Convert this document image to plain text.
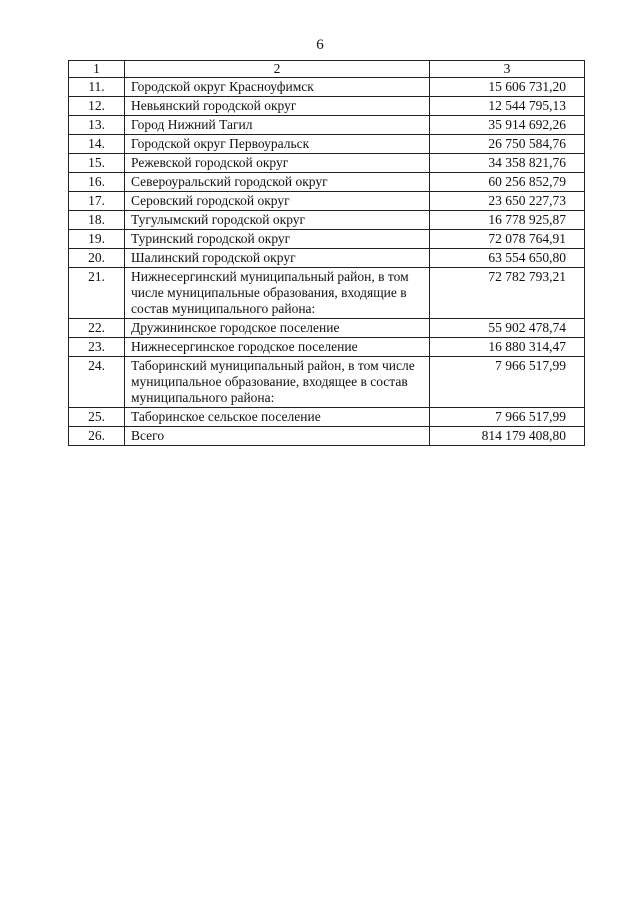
6
1	2	3
11.	Городской округ Красноуфимск	15 606 731,20
12.	Невьянский городской округ	12 544 795,13
13.	Город Нижний Тагил	35 914 692,26
14.	Городской округ Первоуральск	26 750 584,76
15.	Режевской городской округ	34 358 821,76
16.	Североуральский городской округ	60 256 852,79
17.	Серовский городской округ	23 650 227,73
18.	Тугулымский городской округ	16 778 925,87
19.	Туринский городской округ	72 078 764,91
20.	Шалинский городской округ	63 554 650,80
21.	Нижнесергинский муниципальный район, в том числе муниципальные образования, входящие в состав муниципального района:	72 782 793,21
22.	Дружининское городское поселение	55 902 478,74
23.	Нижнесергинское городское поселение	16 880 314,47
24.	Таборинский муниципальный район, в том числе муниципальное образование, входящее в состав муниципального района:	7 966 517,99
25.	Таборинское сельское поселение	7 966 517,99
26.	Всего	814 179 408,80
